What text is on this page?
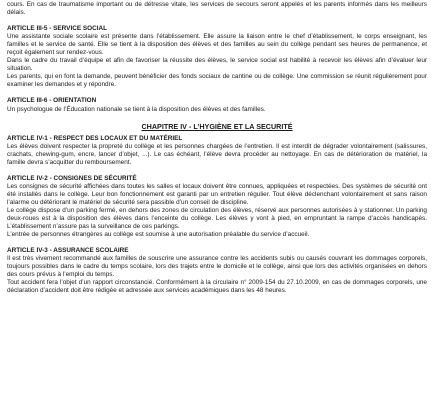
cours. En cas de traumatisme important ou de détresse vitale, les services de secours seront appelés et les parents informés dans les meilleurs délais.

ARTICLE III-5 - SERVICE SOCIAL

Une assistante sociale scolaire est présente dans l’établissement. Elle assure la liaison entre le chef d’établissement, le corps enseignant, les familles et le service de santé. Elle se tient à la disposition des élèves et des familles au sein du collège pendant ses heures de permanence, et reçoit également sur rendez-vous.

Dans le cadre du travail d’équipe et afin de favoriser la réussite des élèves, le service social est habilité à recevoir les élèves afin d’évaluer leur situation.

Les parents, qui en font la demande, peuvent bénéficier des fonds sociaux de cantine ou de collège. Une commission se réunit régulièrement pour examiner les demandes et y répondre.

ARTICLE III-6 - ORIENTATION

Un psychologue de l’Éducation nationale se tient à la disposition des élèves et des familles.

CHAPITRE IV - L’HYGIÈNE ET LA SECURITÉ
ARTICLE IV-1 - RESPECT DES LOCAUX ET DU MATÉRIEL

Les élèves doivent respecter la propreté du collège et les personnes chargées de l’entretien. Il est interdit de dégrader volontairement (salissures, crachats, chewing-gum, encre, lancer d’objet, ...). Le cas échéant, l’élève devra procéder au nettoyage. En cas de détérioration de matériel, la famille devra s’acquitter du remboursement.

ARTICLE IV-2 - CONSIGNES DE SÉCURITÉ

Les consignes de sécurité affichées dans toutes les salles et locaux doivent être connues, appliquées et respectées. Des systèmes de sécurité ont été installés dans le collège. Leur bon fonctionnement est garanti par un entretien régulier. Tout élève déclenchant volontairement et sans raison l’alarme ou détériorant le matériel de sécurité sera passible d’un conseil de discipline.

Le collège dispose d’un parking fermé, en dehors des zones de circulation des élèves, réservé aux personnes autorisées à y stationner. Un parking deux-roues est à la disposition des élèves dans l’enceinte du collège. Les élèves y vont à pied, en empruntant la rampe d’accès handicapés. L’établissement n’assure pas la surveillance de ces parkings.

L’entrée de personnes étrangères au collège est soumise à une autorisation préalable du service d’accueil.

ARTICLE IV-3 - ASSURANCE SCOLAIRE

Il est très vivement recommandé aux familles de souscrire une assurance contre les accidents subis ou causés couvrant les dommages corporels, toujours possibles dans le cadre du temps scolaire, lors des trajets entre le domicile et le collège, ainsi que lors des activités organisées en dehors des cours prévus à l’emploi du temps.

Tout accident fera l’objet d’un rapport circonstancié. Conformément à la circulaire n° 2009-154 du 27.10.2009, en cas de dommages corporels, une déclaration d’accident doit être rédigée et adressée aux services académiques dans les 48 heures.
